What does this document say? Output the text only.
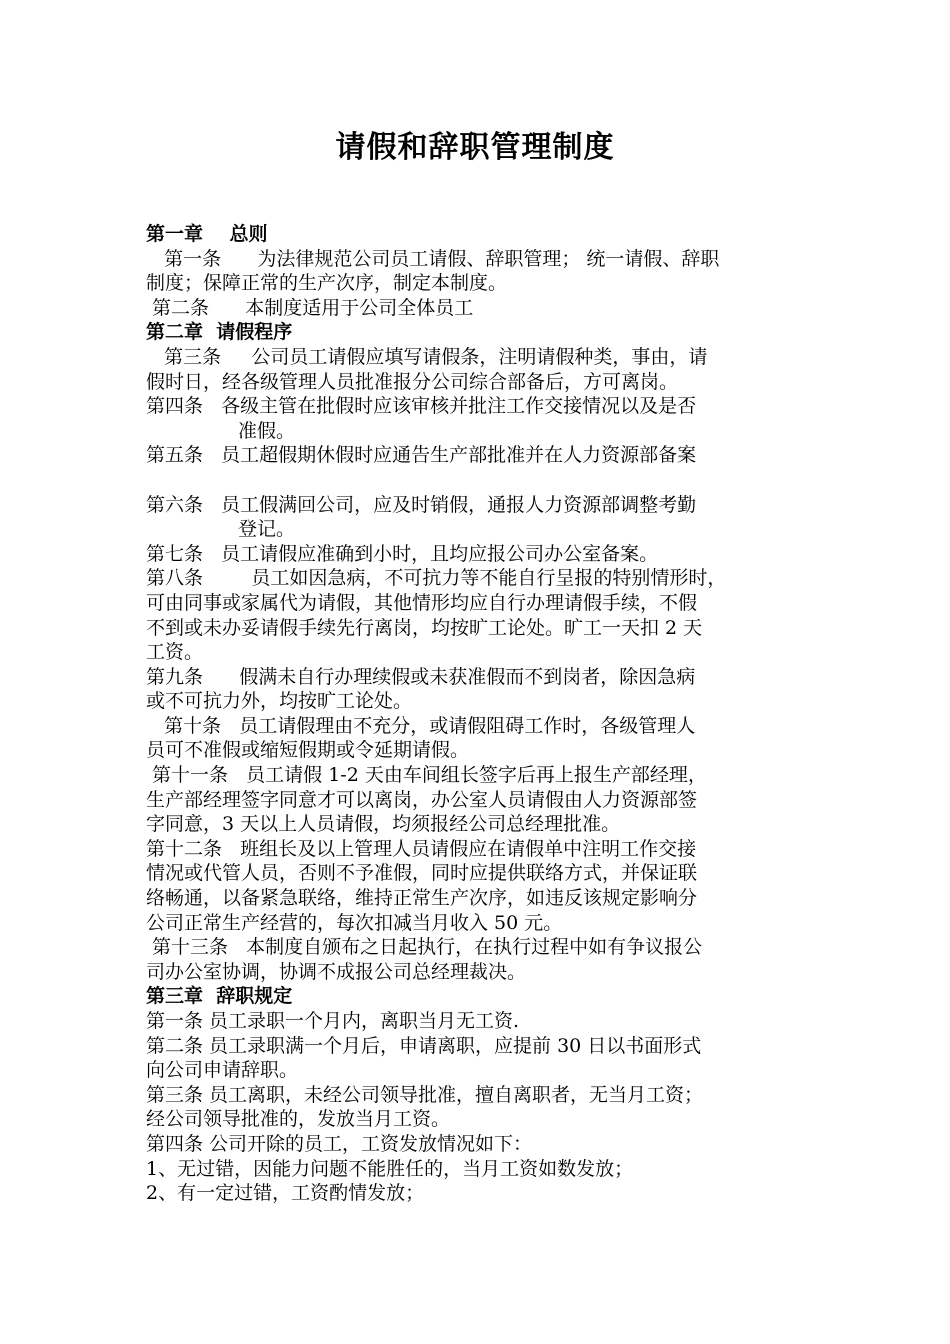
请假和辞职管理制度
第一章    总则
第一条      为法律规范公司员工请假、辞职管理； 统一请假、辞职
制度；保障正常的生产次序，制定本制度。
第二条      本制度适用于公司全体员工
第二章  请假程序
第三条     公司员工请假应填写请假条，注明请假种类，事由，请
假时日，经各级管理人员批准报分公司综合部备后，方可离岗。
第四条   各级主管在批假时应该审核并批注工作交接情况以及是否
准假。
第五条   员工超假期休假时应通告生产部批准并在人力资源部备案
第六条   员工假满回公司，应及时销假，通报人力资源部调整考勤
登记。
第七条   员工请假应准确到小时，且均应报公司办公室备案。
第八条        员工如因急病，不可抗力等不能自行呈报的特别情形时，
可由同事或家属代为请假，其他情形均应自行办理请假手续，不假
不到或未办妥请假手续先行离岗，均按旷工论处。旷工一天扣 2 天
工资。
第九条      假满未自行办理续假或未获准假而不到岗者，除因急病
或不可抗力外，均按旷工论处。
第十条   员工请假理由不充分，或请假阻碍工作时，各级管理人
员可不准假或缩短假期或令延期请假。
第十一条   员工请假 1-2 天由车间组长签字后再上报生产部经理，
生产部经理签字同意才可以离岗，办公室人员请假由人力资源部签
字同意，3 天以上人员请假，均须报经公司总经理批准。
第十二条   班组长及以上管理人员请假应在请假单中注明工作交接
情况或代管人员，否则不予准假，同时应提供联络方式，并保证联
络畅通，以备紧急联络，维持正常生产次序，如违反该规定影响分
公司正常生产经营的，每次扣减当月收入 50 元。
第十三条   本制度自颁布之日起执行，在执行过程中如有争议报公
司办公室协调，协调不成报公司总经理裁决。
第三章  辞职规定
第一条 员工录职一个月内，离职当月无工资.
第二条 员工录职满一个月后，申请离职，应提前 30 日以书面形式
向公司申请辞职。
第三条 员工离职，未经公司领导批准，擅自离职者，无当月工资；
经公司领导批准的，发放当月工资。
第四条 公司开除的员工，工资发放情况如下：
1、无过错，因能力问题不能胜任的，当月工资如数发放；
2、有一定过错，工资酌情发放；
